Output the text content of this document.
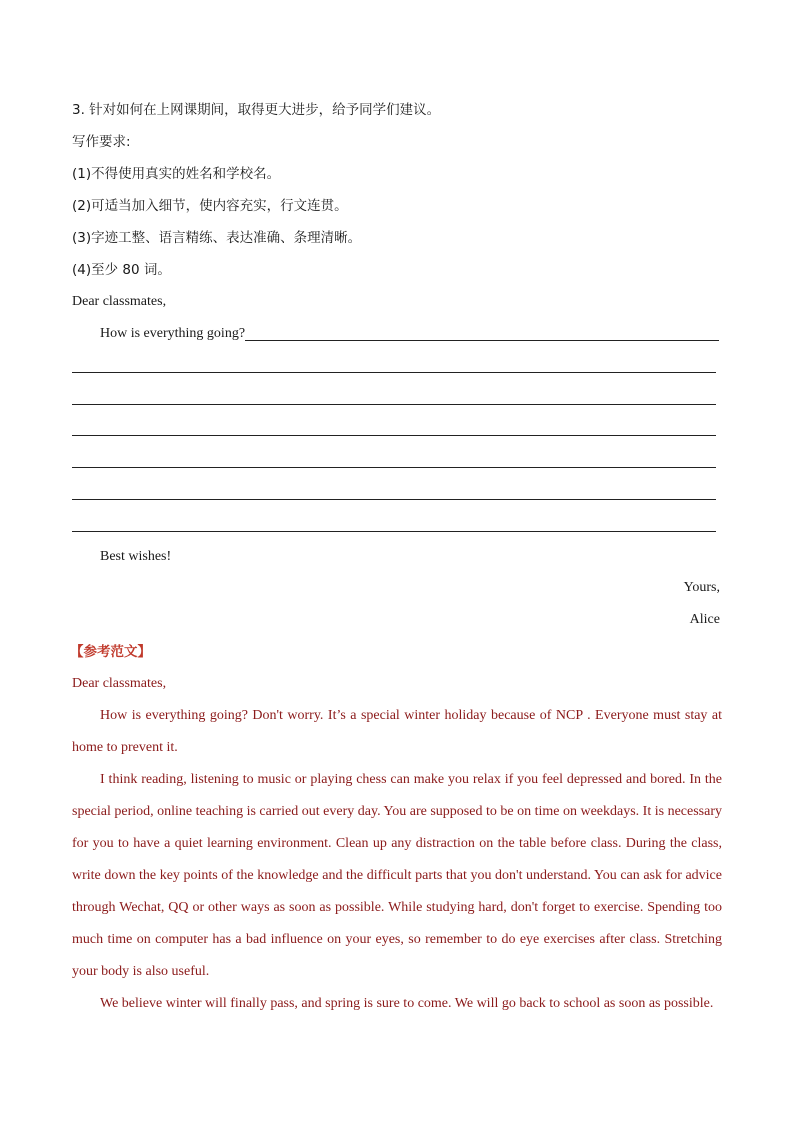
3. 针对如何在上网课期间，取得更大进步，给予同学们建议。
写作要求:
(1)不得使用真实的姓名和学校名。
(2)可适当加入细节，使内容充实，行文连贯。
(3)字迹工整、语言精练、表达准确、条理清晰。
(4)至少 80 词。
Dear classmates,
How is everything going?
Best wishes!
Yours,
Alice
【参考范文】
Dear classmates,

How is everything going? Don't worry. It’s a special winter holiday because of NCP . Everyone must stay at home to prevent it.

I think reading, listening to music or playing chess can make you relax if you feel depressed and bored. In the special period, online teaching is carried out every day. You are supposed to be on time on weekdays. It is necessary for you to have a quiet learning environment. Clean up any distraction on the table before class. During the class, write down the key points of the knowledge and the difficult parts that you don't understand. You can ask for advice through Wechat, QQ or other ways as soon as possible. While studying hard, don't forget to exercise. Spending too much time on computer has a bad influence on your eyes, so remember to do eye exercises after class. Stretching your body is also useful.

We believe winter will finally pass, and spring is sure to come. We will go back to school as soon as possible.
